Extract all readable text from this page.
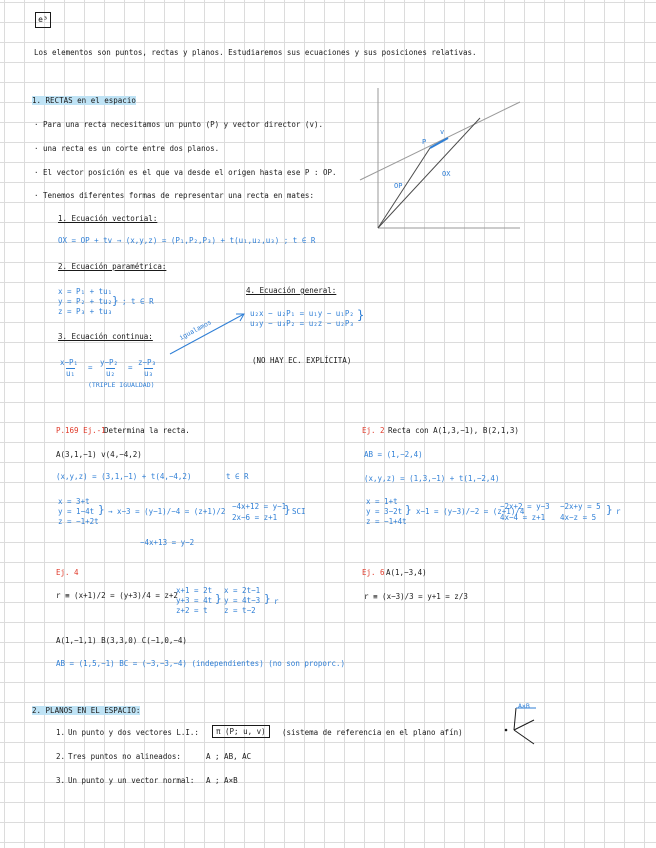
e³
Los elementos son puntos, rectas y planos. Estudiaremos sus ecuaciones y sus posiciones relativas.
1. RECTAS en el espacio
· Para una recta necesitamos un punto (P) y vector director (v).
· una recta es un corte entre dos planos.
· El vector posición es el que va desde el origen hasta ese P : OP.
· Tenemos diferentes formas de representar una recta en mates:
P
v
OP
OX
1. Ecuación vectorial:
OX = OP + tv → (x,y,z) = (P₁,P₂,P₃) + t(u₁,u₂,u₃) ; t ∈ R
2. Ecuación paramétrica:
x = P₁ + tu₁
y = P₂ + tu₂
z = P₃ + tu₃
} ; t ∈ R
3. Ecuación continua:
x−P₁
u₁
=
y−P₂
u₂
=
z−P₃
u₃
(TRIPLE IGUALDAD)
igualamos
4. Ecuación general:
u₂x − u₂P₁ = u₁y − u₁P₂
u₃y − u₃P₂ = u₂z − u₂P₃
}
(NO HAY EC. EXPLÍCITA)
P.169 Ej.-1
Determina la recta.
A(3,1,−1) v(4,−4,2)
(x,y,z) = (3,1,−1) + t(4,−4,2)	t ∈ R
x = 3+t
y = 1−4t
z = −1+2t
} → x−3 = (y−1)/−4 = (z+1)/2
−4x+12 = y−1
2x−6 = z+1
} SCI
−4x+13 = y−2
Ej. 2 Recta con A(1,3,−1), B(2,1,3)
AB = (1,−2,4)
(x,y,z) = (1,3,−1) + t(1,−2,4)
x = 1+t
y = 3−2t
z = −1+4t
} x−1 = (y−3)/−2 = (z+1)/4
−2x+2 = y−3
4x−4 = z+1
−2x+y = 5
4x−z = 5
} r
Ej. 4
r ≡ (x+1)/2 = (y+3)/4 = z+2
x+1 = 2t
y+3 = 4t
z+2 = t
}
x = 2t−1
y = 4t−3
z = t−2
} r
A(1,−1,1) B(3,3,0) C(−1,0,−4)
AB = (1,5,−1) BC = (−3,−3,−4) (independientes) (no son proporc.)
Ej. 6 A(1,−3,4)
r ≡ (x−3)/3 = y+1 = z/3
2. PLANOS EN EL ESPACIO:
1. Un punto y dos vectores L.I.:	π (P; u, v)	(sistema de referencia en el plano afín)
2. Tres puntos no alineados:	A ; AB, AC
3. Un punto y un vector normal: A ; A×B
A×B
